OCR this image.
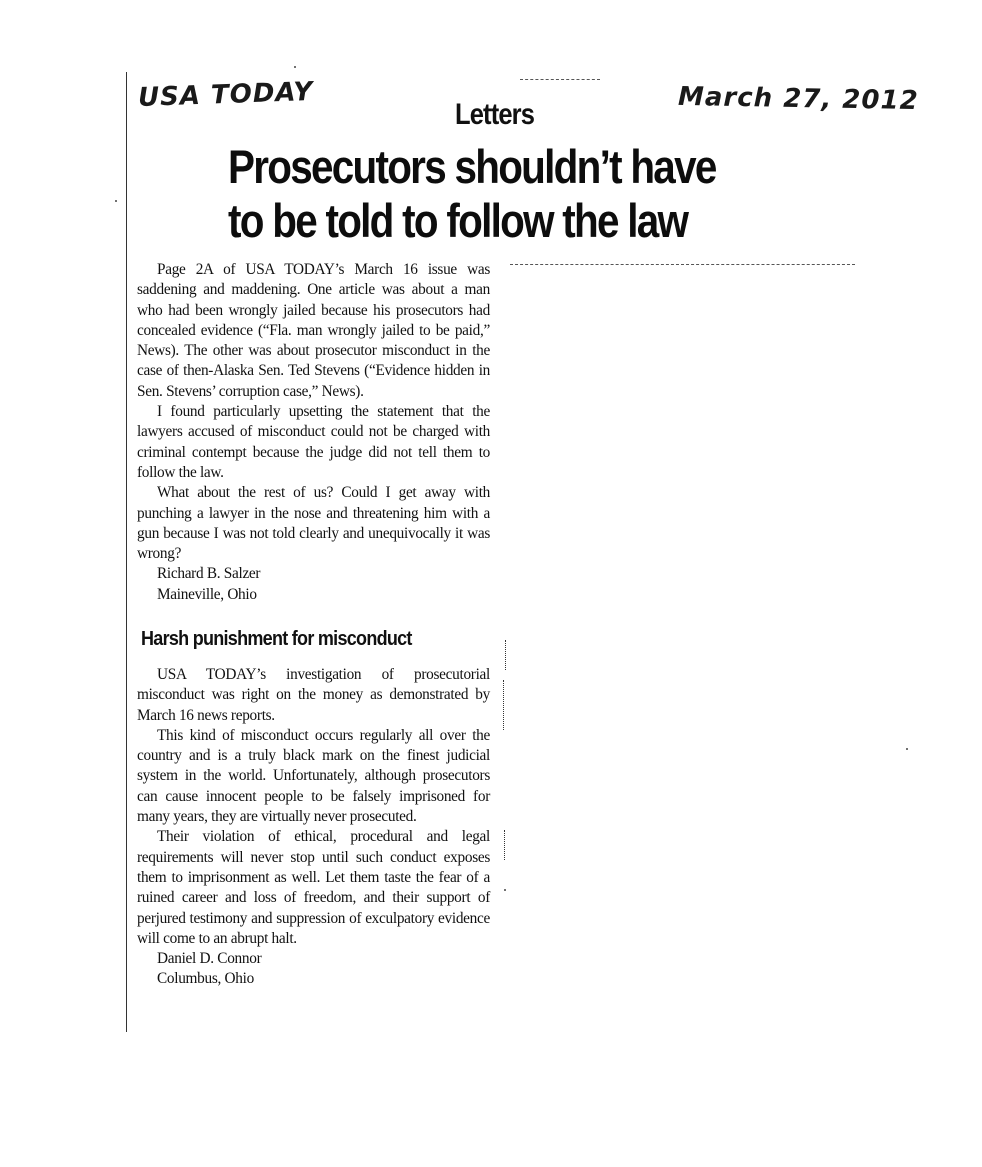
USA TODAY	March 27, 2012
Letters
Prosecutors shouldn’t have
to be told to follow the law

Page 2A of USA TODAY’s March 16 issue was saddening and maddening. One article was about a man who had been wrongly jailed because his prosecutors had concealed evidence (“Fla. man wrongly jailed to be paid,” News). The other was about prosecutor misconduct in the case of then-Alaska Sen. Ted Stevens (“Evidence hidden in Sen. Stevens’ corruption case,” News).

I found particularly upsetting the statement that the lawyers accused of misconduct could not be charged with criminal contempt because the judge did not tell them to follow the law.

What about the rest of us? Could I get away with punching a lawyer in the nose and threatening him with a gun because I was not told clearly and unequivocally it was wrong?

Richard B. Salzer

Maineville, Ohio

Harsh punishment for misconduct

USA TODAY’s investigation of prosecutorial misconduct was right on the money as demonstrated by March 16 news reports.

This kind of misconduct occurs regularly all over the country and is a truly black mark on the finest judicial system in the world. Unfortunately, although prosecutors can cause innocent people to be falsely imprisoned for many years, they are virtually never prosecuted.

Their violation of ethical, procedural and legal requirements will never stop until such conduct exposes them to imprisonment as well. Let them taste the fear of a ruined career and loss of freedom, and their support of perjured testimony and suppression of exculpatory evidence will come to an abrupt halt.

Daniel D. Connor

Columbus, Ohio
